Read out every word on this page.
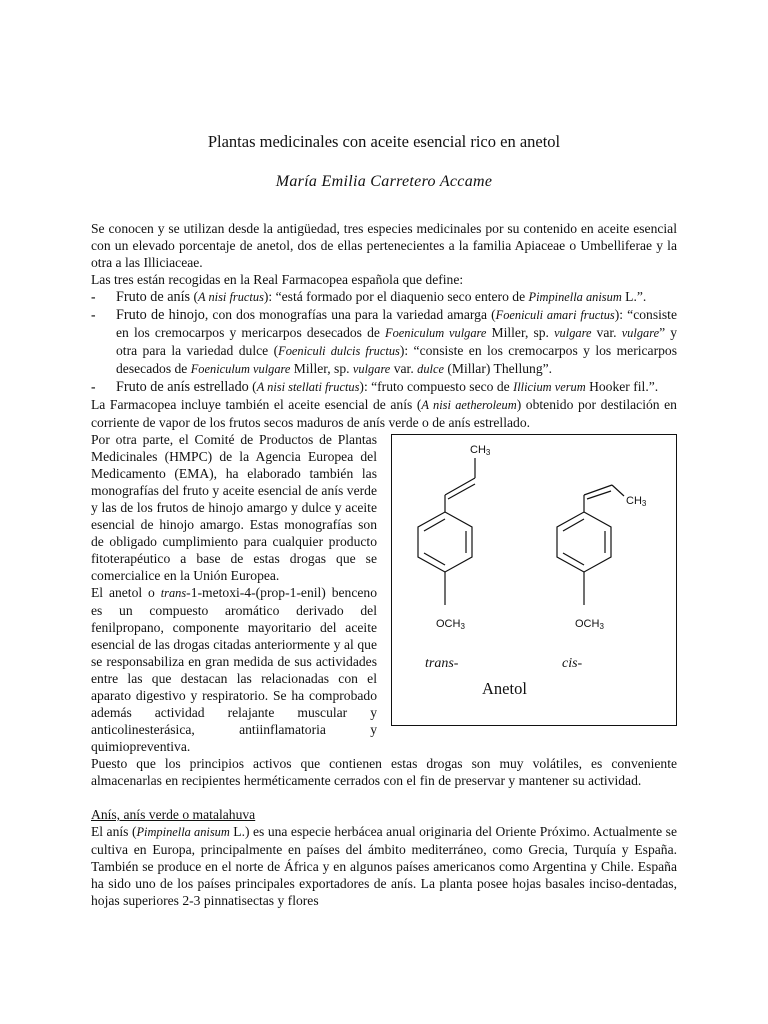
Plantas medicinales con aceite esencial rico en anetol
María Emilia Carretero Accame

Se conocen y se utilizan desde la antigüedad, tres especies medicinales por su contenido en aceite esencial con un elevado porcentaje de anetol, dos de ellas pertenecientes a la familia Apiaceae o Umbelliferae y la otra a las Illiciaceae.

Las tres están recogidas en la Real Farmacopea española que define:

- Fruto de anís (A nisi fructus): “está formado por el diaquenio seco entero de Pimpinella anisum L.”.
- Fruto de hinojo, con dos monografías una para la variedad amarga (Foeniculi amari fructus): “consiste en los cremocarpos y mericarpos desecados de Foeniculum vulgare Miller, sp. vulgare var. vulgare” y otra para la variedad dulce (Foeniculi dulcis fructus): “consiste en los cremocarpos y los mericarpos desecados de Foeniculum vulgare Miller, sp. vulgare var. dulce (Millar) Thellung”.
- Fruto de anís estrellado (A nisi stellati fructus): “fruto compuesto seco de Illicium verum Hooker fil.”.

La Farmacopea incluye también el aceite esencial de anís (A nisi aetheroleum) obtenido por destilación en corriente de vapor de los frutos secos maduros de anís verde o de anís estrellado.

$CH_3$
$CH_3$
$OCH_3$	$OCH_3$
trans-	cis-
Anetol

Por otra parte, el Comité de Productos de Plantas Medicinales (HMPC) de la Agencia Europea del Medicamento (EMA), ha elaborado también las monografías del fruto y aceite esencial de anís verde y las de los frutos de hinojo amargo y dulce y aceite esencial de hinojo amargo. Estas monografías son de obligado cumplimiento para cualquier producto fitoterapéutico a base de estas drogas que se comercialice en la Unión Europea.

El anetol o trans-1-metoxi-4-(prop-1-enil) benceno es un compuesto aromático derivado del fenilpropano, componente mayoritario del aceite esencial de las drogas citadas anteriormente y al que se responsabiliza en gran medida de sus actividades entre las que destacan las relacionadas con el aparato digestivo y respiratorio. Se ha comprobado además actividad relajante muscular y anticolinesterásica, antiinflamatoria y quimiopreventiva.

Puesto que los principios activos que contienen estas drogas son muy volátiles, es conveniente almacenarlas en recipientes herméticamente cerrados con el fin de preservar y mantener su actividad.

Anís, anís verde o matalahuva

El anís (Pimpinella anisum L.) es una especie herbácea anual originaria del Oriente Próximo. Actualmente se cultiva en Europa, principalmente en países del ámbito mediterráneo, como Grecia, Turquía y España. También se produce en el norte de África y en algunos países americanos como Argentina y Chile. España ha sido uno de los países principales exportadores de anís. La planta posee hojas basales inciso-dentadas, hojas superiores 2-3 pinnatisectas y flores
